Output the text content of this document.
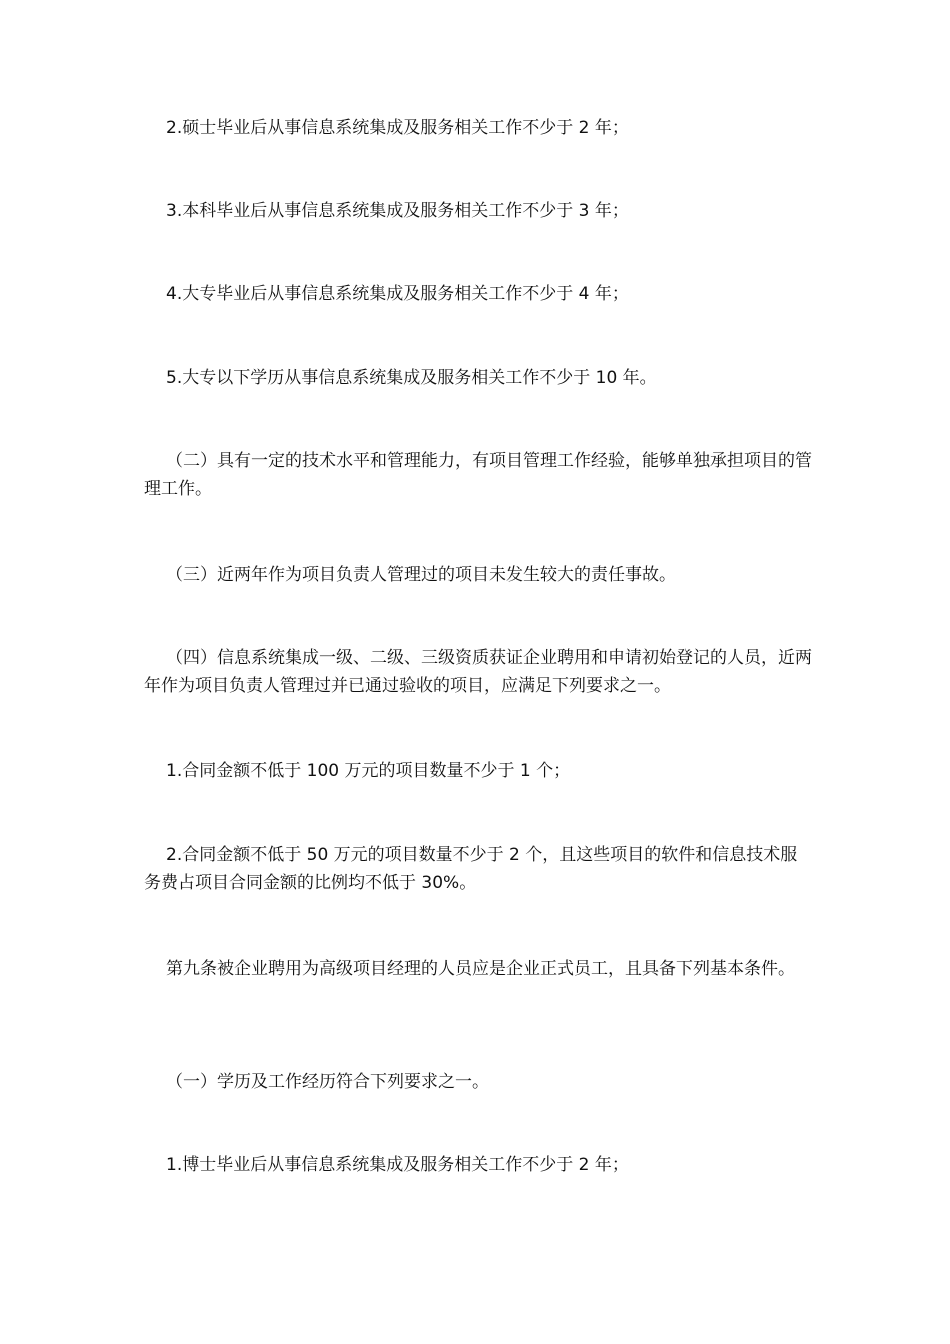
2.硕士毕业后从事信息系统集成及服务相关工作不少于 2 年；

3.本科毕业后从事信息系统集成及服务相关工作不少于 3 年；

4.大专毕业后从事信息系统集成及服务相关工作不少于 4 年；

5.大专以下学历从事信息系统集成及服务相关工作不少于 10 年。

（二）具有一定的技术水平和管理能力，有项目管理工作经验，能够单独承担项目的管理工作。

（三）近两年作为项目负责人管理过的项目未发生较大的责任事故。

（四）信息系统集成一级、二级、三级资质获证企业聘用和申请初始登记的人员，近两年作为项目负责人管理过并已通过验收的项目，应满足下列要求之一。

1.合同金额不低于 100 万元的项目数量不少于 1 个；

2.合同金额不低于 50 万元的项目数量不少于 2 个，且这些项目的软件和信息技术服务费占项目合同金额的比例均不低于 30%。

第九条被企业聘用为高级项目经理的人员应是企业正式员工，且具备下列基本条件。

（一）学历及工作经历符合下列要求之一。

1.博士毕业后从事信息系统集成及服务相关工作不少于 2 年；
